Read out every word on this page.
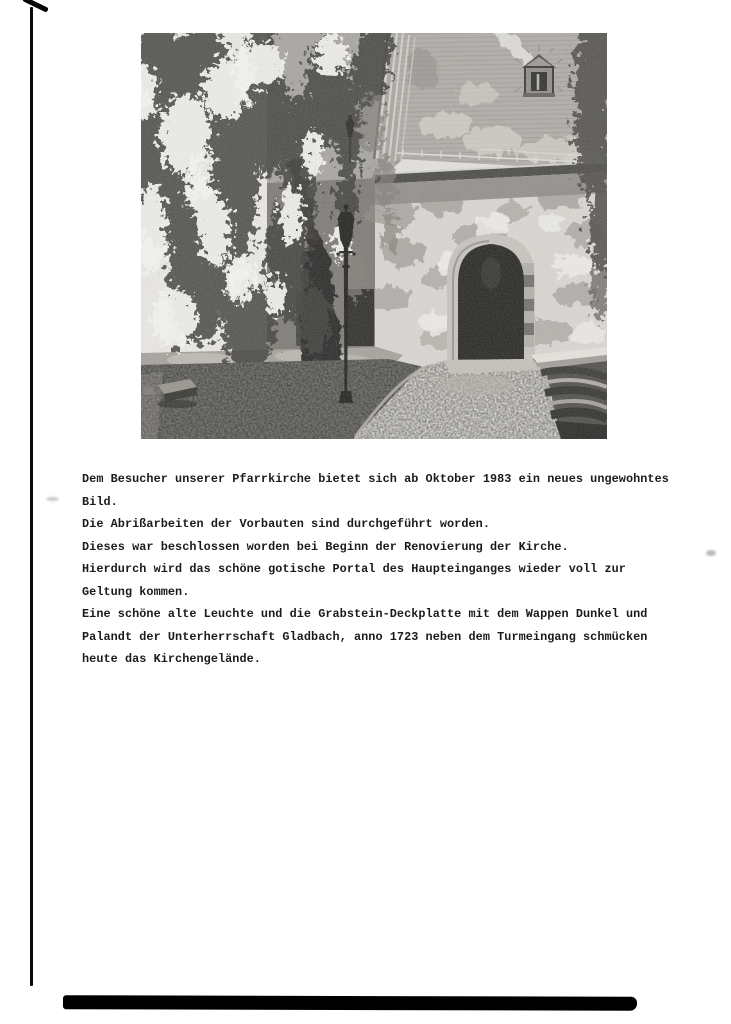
Dem Besucher unserer Pfarrkirche bietet sich ab Oktober 1983 ein neues ungewohntes
Bild.
Die Abrißarbeiten der Vorbauten sind durchgeführt worden.
Dieses war beschlossen worden bei Beginn der Renovierung der Kirche.
Hierdurch wird das schöne gotische Portal des Haupteinganges wieder voll zur
Geltung kommen.
Eine schöne alte Leuchte und die Grabstein-Deckplatte mit dem Wappen Dunkel und
Palandt der Unterherrschaft Gladbach, anno 1723 neben dem Turmeingang schmücken
heute das Kirchengelände.
